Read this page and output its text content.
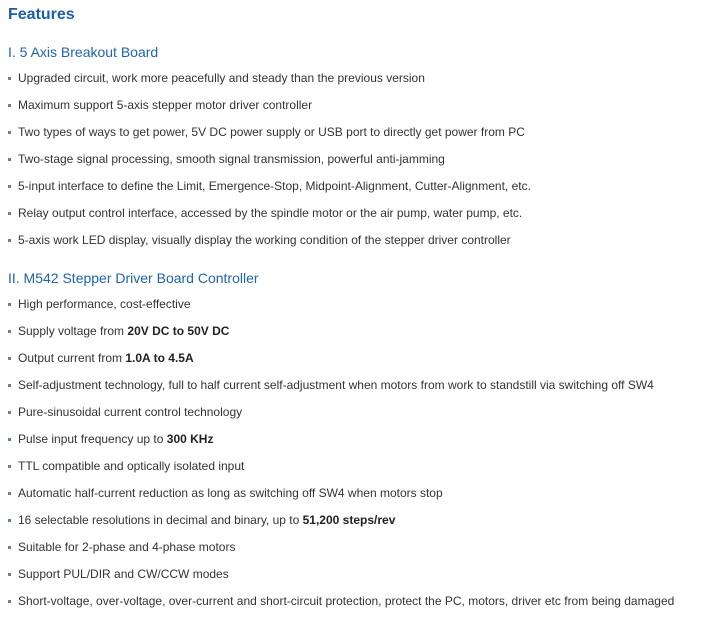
Features
I. 5 Axis Breakout Board
Upgraded circuit, work more peacefully and steady than the previous version
Maximum support 5-axis stepper motor driver controller
Two types of ways to get power, 5V DC power supply or USB port to directly get power from PC
Two-stage signal processing, smooth signal transmission, powerful anti-jamming
5-input interface to define the Limit, Emergence-Stop, Midpoint-Alignment, Cutter-Alignment, etc.
Relay output control interface, accessed by the spindle motor or the air pump, water pump, etc.
5-axis work LED display, visually display the working condition of the stepper driver controller
II. M542 Stepper Driver Board Controller
High performance, cost-effective
Supply voltage from 20V DC to 50V DC
Output current from 1.0A to 4.5A
Self-adjustment technology, full to half current self-adjustment when motors from work to standstill via switching off SW4
Pure-sinusoidal current control technology
Pulse input frequency up to 300 KHz
TTL compatible and optically isolated input
Automatic half-current reduction as long as switching off SW4 when motors stop
16 selectable resolutions in decimal and binary, up to 51,200 steps/rev
Suitable for 2-phase and 4-phase motors
Support PUL/DIR and CW/CCW modes
Short-voltage, over-voltage, over-current and short-circuit protection, protect the PC, motors, driver etc from being damaged
